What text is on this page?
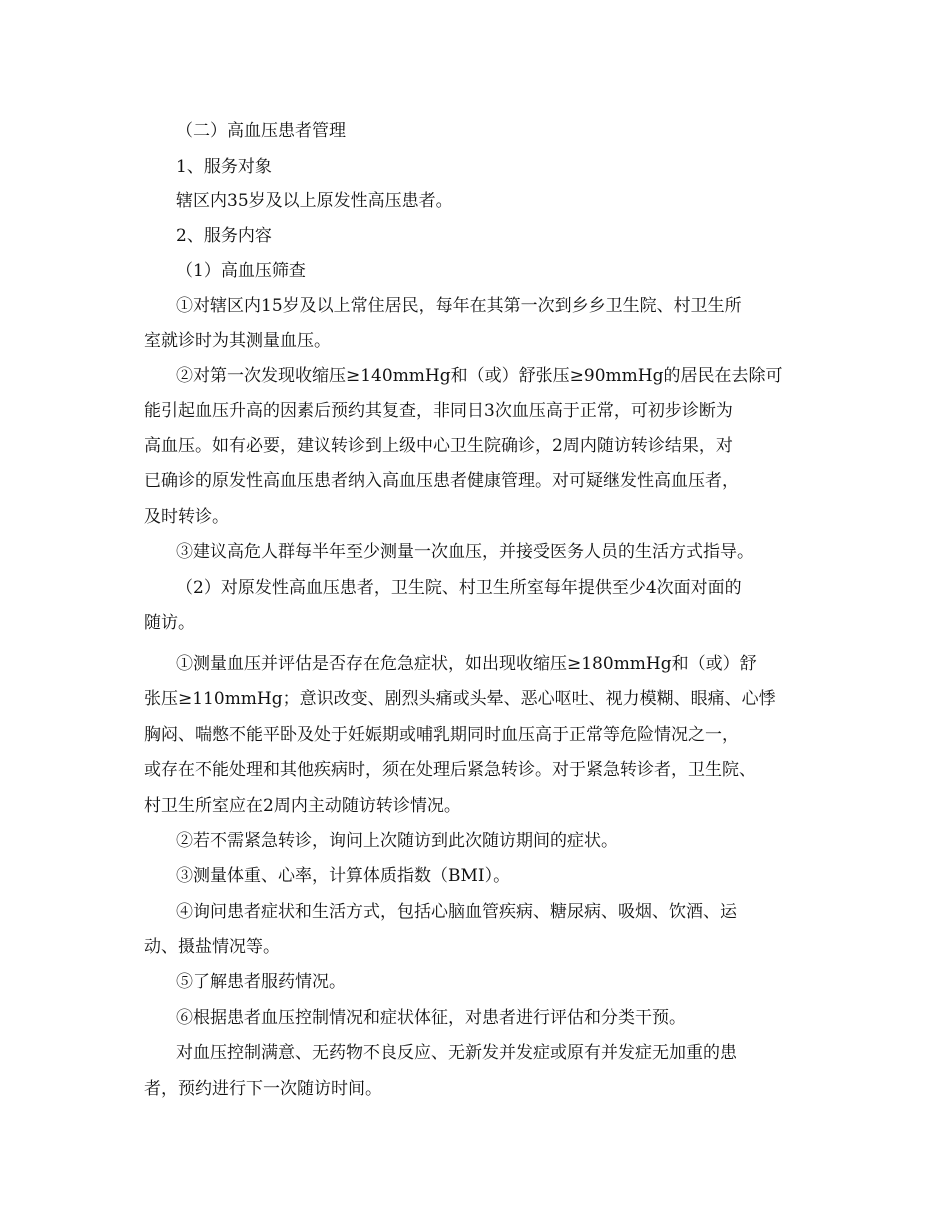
（二）高血压患者管理
1、服务对象
辖区内35岁及以上原发性高压患者。
2、服务内容
（1）高血压筛查
①对辖区内15岁及以上常住居民，每年在其第一次到乡乡卫生院、村卫生所
室就诊时为其测量血压。
②对第一次发现收缩压≥140mmHg和（或）舒张压≥90mmHg的居民在去除可
能引起血压升高的因素后预约其复查，非同日3次血压高于正常，可初步诊断为
高血压。如有必要，建议转诊到上级中心卫生院确诊，2周内随访转诊结果，对
已确诊的原发性高血压患者纳入高血压患者健康管理。对可疑继发性高血压者，
及时转诊。
③建议高危人群每半年至少测量一次血压，并接受医务人员的生活方式指导。
（2）对原发性高血压患者，卫生院、村卫生所室每年提供至少4次面对面的
随访。
①测量血压并评估是否存在危急症状，如出现收缩压≥180mmHg和（或）舒
张压≥110mmHg；意识改变、剧烈头痛或头晕、恶心呕吐、视力模糊、眼痛、心悸
胸闷、喘憋不能平卧及处于妊娠期或哺乳期同时血压高于正常等危险情况之一，
或存在不能处理和其他疾病时，须在处理后紧急转诊。对于紧急转诊者，卫生院、
村卫生所室应在2周内主动随访转诊情况。
②若不需紧急转诊，询问上次随访到此次随访期间的症状。
③测量体重、心率，计算体质指数（BMI）。
④询问患者症状和生活方式，包括心脑血管疾病、糖尿病、吸烟、饮酒、运
动、摄盐情况等。
⑤了解患者服药情况。
⑥根据患者血压控制情况和症状体征，对患者进行评估和分类干预。
对血压控制满意、无药物不良反应、无新发并发症或原有并发症无加重的患
者，预约进行下一次随访时间。
